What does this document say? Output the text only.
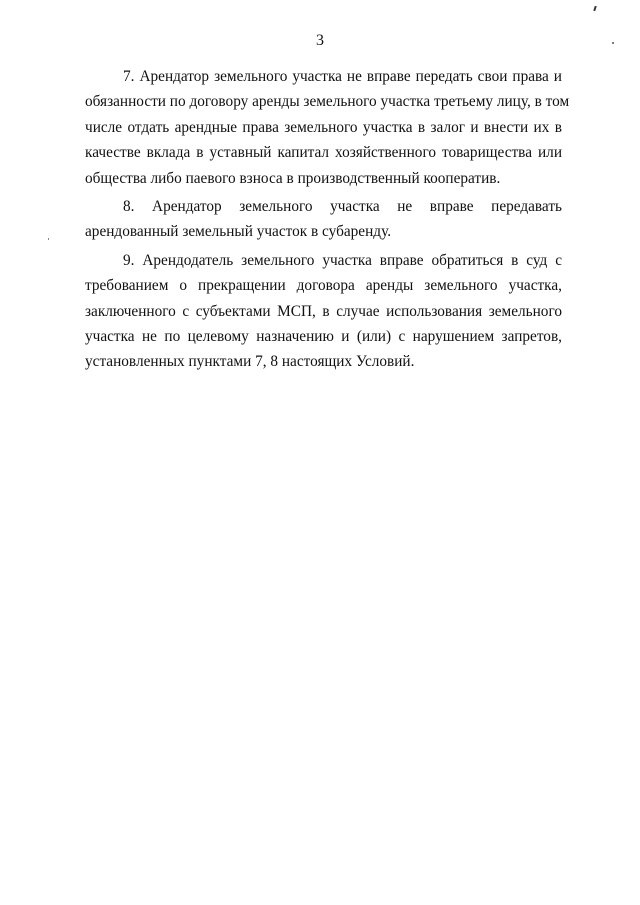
3

7. Арендатор земельного участка не вправе передать свои права и
обязанности по договору аренды земельного участка третьему лицу, в том
числе отдать арендные права земельного участка в залог и внести их в
качестве вклада в уставный капитал хозяйственного товарищества или
общества либо паевого взноса в производственный кооператив.

8. Арендатор земельного участка не вправе передавать
арендованный земельный участок в субаренду.

9. Арендодатель земельного участка вправе обратиться в суд с
требованием о прекращении договора аренды земельного участка,
заключенного с субъектами МСП, в случае использования земельного
участка не по целевому назначению и (или) с нарушением запретов,
установленных пунктами 7, 8 настоящих Условий.
